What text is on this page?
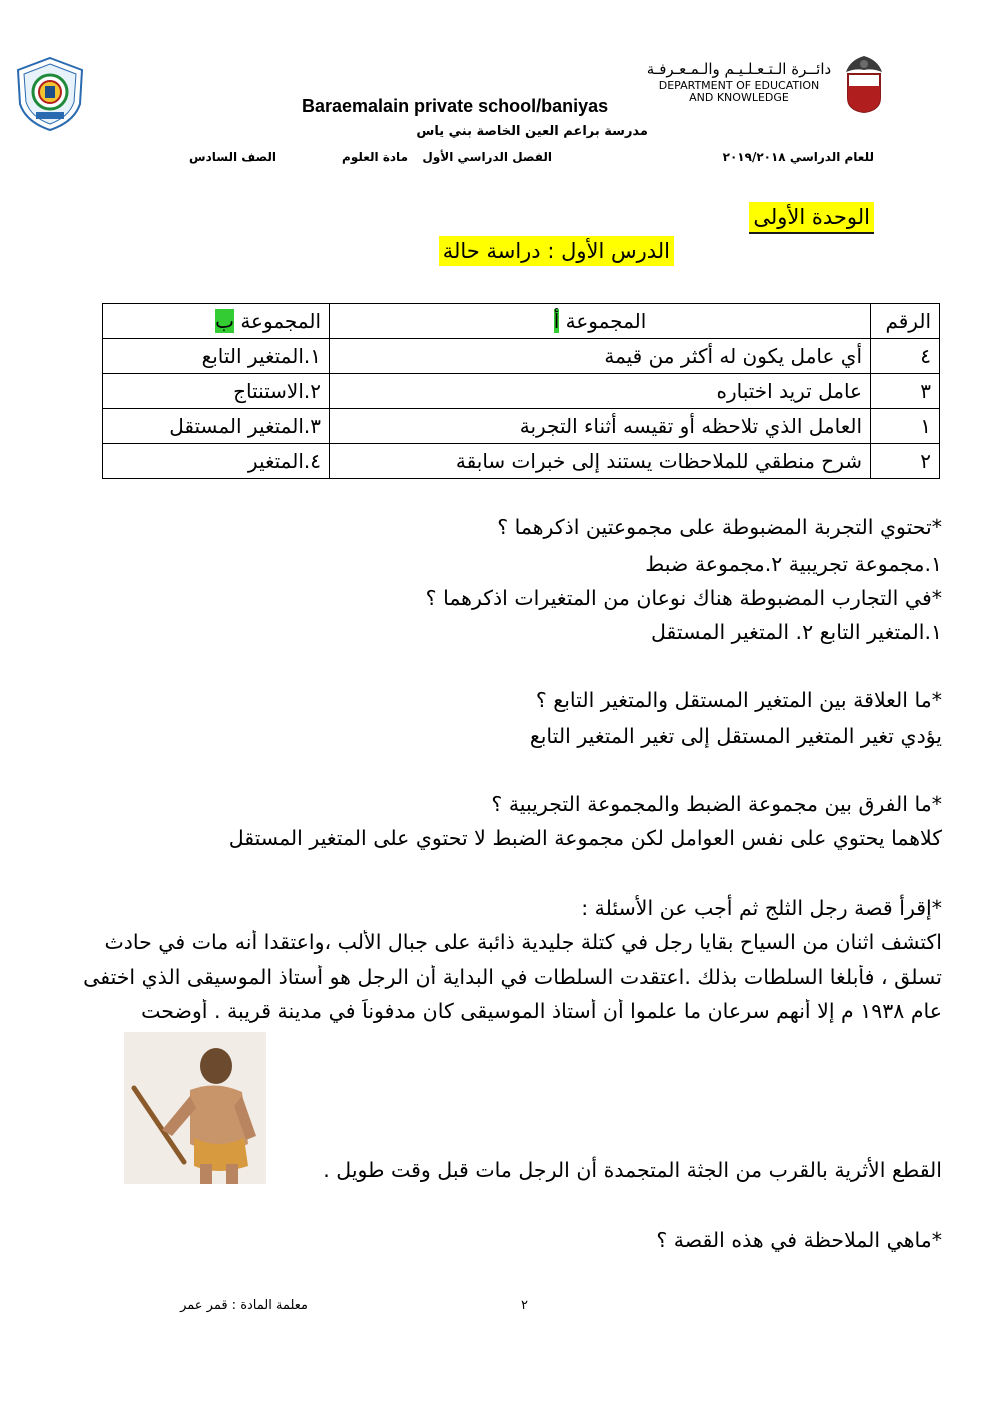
دائــرة الـتـعـلـيـم والـمـعـرفـة
DEPARTMENT OF EDUCATION
AND KNOWLEDGE
Baraemalain private school/baniyas
مدرسة براعم العين الخاصة بني ياس
للعام الدراسي ٢٠١٩/٢٠١٨
الفصل الدراسي الأول
مادة العلوم
الصف السادس
الوحدة الأولى
الدرس الأول : دراسة حالة
الرقم	المجموعة أ	المجموعة ب
٤	أي عامل يكون له أكثر من قيمة	١.المتغير التابع
٣	عامل تريد اختباره	٢.الاستنتاج
١	العامل الذي تلاحظه أو تقيسه أثناء التجربة	٣.المتغير المستقل
٢	شرح منطقي للملاحظات يستند إلى خبرات سابقة	٤.المتغير
*تحتوي التجربة المضبوطة على مجموعتين اذكرهما ؟
١.مجموعة تجريبية ٢.مجموعة ضبط
*في التجارب المضبوطة هناك نوعان من المتغيرات اذكرهما ؟
١.المتغير التابع ٢. المتغير المستقل
*ما العلاقة بين المتغير المستقل والمتغير التابع ؟
يؤدي تغير المتغير المستقل إلى تغير المتغير التابع
*ما الفرق بين مجموعة الضبط والمجموعة التجريبية ؟
كلاهما يحتوي على نفس العوامل لكن مجموعة الضبط لا تحتوي على المتغير المستقل
*إقرأ قصة رجل الثلج ثم أجب عن الأسئلة :
اكتشف اثنان من السياح بقايا رجل في كتلة جليدية ذائبة على جبال الألب ،واعتقدا أنه مات في حادث
تسلق ، فأبلغا السلطات بذلك .اعتقدت السلطات في البداية أن الرجل هو أستاذ الموسيقى الذي اختفى
عام ١٩٣٨ م إلا أنهم سرعان ما علموا أن أستاذ الموسيقى كان مدفوناً في مدينة قريبة . أوضحت
القطع الأثرية بالقرب من الجثة المتجمدة أن الرجل مات قبل وقت طويل .
*ماهي الملاحظة في هذه القصة ؟
٢
معلمة المادة : قمر عمر
